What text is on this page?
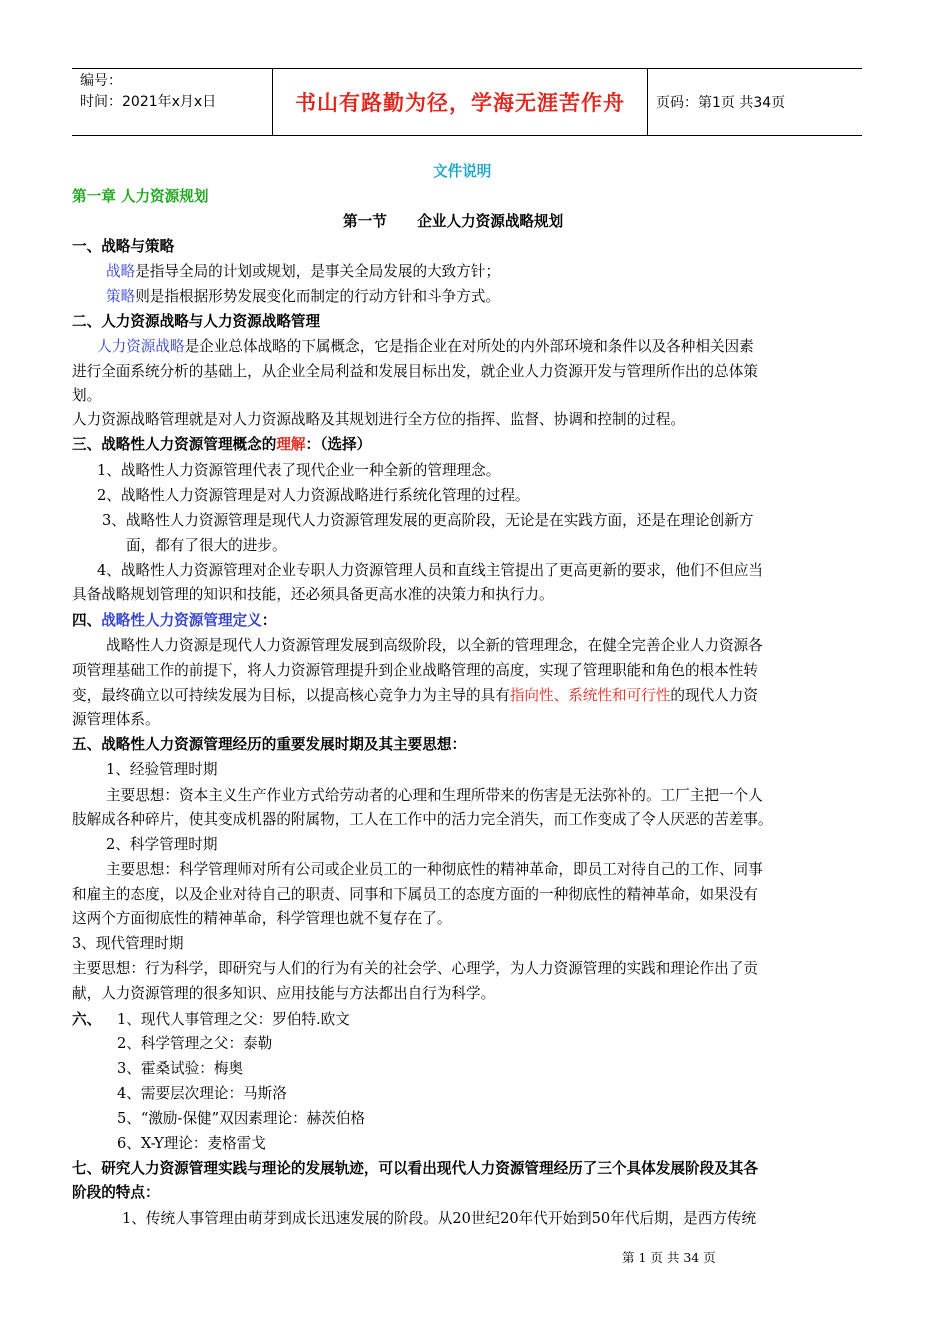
编号：
时间：2021年x月x日	书山有路勤为径，学海无涯苦作舟	页码：第1页 共34页
文件说明
第一章 人力资源规划
第一节      企业人力资源战略规划
一、战略与策略
战略是指导全局的计划或规划，是事关全局发展的大致方针；
策略则是指根据形势发展变化而制定的行动方针和斗争方式。
二、人力资源战略与人力资源战略管理
人力资源战略是企业总体战略的下属概念，它是指企业在对所处的内外部环境和条件以及各种相关因素
进行全面系统分析的基础上，从企业全局利益和发展目标出发，就企业人力资源开发与管理所作出的总体策
划。
人力资源战略管理就是对人力资源战略及其规划进行全方位的指挥、监督、协调和控制的过程。
三、战略性人力资源管理概念的理解：（选择）
1、战略性人力资源管理代表了现代企业一种全新的管理理念。
2、战略性人力资源管理是对人力资源战略进行系统化管理的过程。
3、战略性人力资源管理是现代人力资源管理发展的更高阶段，无论是在实践方面，还是在理论创新方
面，都有了很大的进步。
4、战略性人力资源管理对企业专职人力资源管理人员和直线主管提出了更高更新的要求，他们不但应当
具备战略规划管理的知识和技能，还必须具备更高水准的决策力和执行力。
四、战略性人力资源管理定义：
战略性人力资源是现代人力资源管理发展到高级阶段，以全新的管理理念，在健全完善企业人力资源各
项管理基础工作的前提下，将人力资源管理提升到企业战略管理的高度，实现了管理职能和角色的根本性转
变，最终确立以可持续发展为目标，以提高核心竞争力为主导的具有指向性、系统性和可行性的现代人力资
源管理体系。
五、战略性人力资源管理经历的重要发展时期及其主要思想：
1、经验管理时期
主要思想：资本主义生产作业方式给劳动者的心理和生理所带来的伤害是无法弥补的。工厂主把一个人
肢解成各种碎片，使其变成机器的附属物，工人在工作中的活力完全消失，而工作变成了令人厌恶的苦差事。
2、科学管理时期
主要思想：科学管理师对所有公司或企业员工的一种彻底性的精神革命，即员工对待自己的工作、同事
和雇主的态度，以及企业对待自己的职责、同事和下属员工的态度方面的一种彻底性的精神革命，如果没有
这两个方面彻底性的精神革命，科学管理也就不复存在了。
3、现代管理时期
主要思想：行为科学，即研究与人们的行为有关的社会学、心理学，为人力资源管理的实践和理论作出了贡
献，人力资源管理的很多知识、应用技能与方法都出自行为科学。
六、 1、现代人事管理之父：罗伯特.欧文
2、科学管理之父：泰勒
3、霍桑试验：梅奥
4、需要层次理论：马斯洛
5、“激励-保健”双因素理论：赫茨伯格
6、X-Y理论：麦格雷戈
七、研究人力资源管理实践与理论的发展轨迹，可以看出现代人力资源管理经历了三个具体发展阶段及其各
阶段的特点：
1、传统人事管理由萌芽到成长迅速发展的阶段。从20世纪20年代开始到50年代后期，是西方传统
第 1 页 共 34 页
